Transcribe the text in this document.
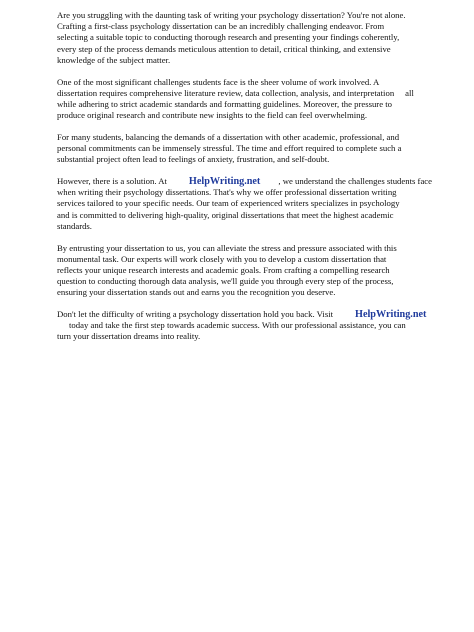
Are you struggling with the daunting task of writing your psychology dissertation? You're not alone.
Crafting a first-class psychology dissertation can be an incredibly challenging endeavor. From
selecting a suitable topic to conducting thorough research and presenting your findings coherently,
every step of the process demands meticulous attention to detail, critical thinking, and extensive
knowledge of the subject matter.

One of the most significant challenges students face is the sheer volume of work involved. A
dissertation requires comprehensive literature review, data collection, analysis, and interpretation all
while adhering to strict academic standards and formatting guidelines. Moreover, the pressure to
produce original research and contribute new insights to the field can feel overwhelming.

For many students, balancing the demands of a dissertation with other academic, professional, and
personal commitments can be immensely stressful. The time and effort required to complete such a
substantial project often lead to feelings of anxiety, frustration, and self-doubt.

However, there is a solution. At HelpWriting.net , we understand the challenges students face
when writing their psychology dissertations. That's why we offer professional dissertation writing
services tailored to your specific needs. Our team of experienced writers specializes in psychology
and is committed to delivering high-quality, original dissertations that meet the highest academic
standards.

By entrusting your dissertation to us, you can alleviate the stress and pressure associated with this
monumental task. Our experts will work closely with you to develop a custom dissertation that
reflects your unique research interests and academic goals. From crafting a compelling research
question to conducting thorough data analysis, we'll guide you through every step of the process,
ensuring your dissertation stands out and earns you the recognition you deserve.

Don't let the difficulty of writing a psychology dissertation hold you back. Visit HelpWriting.net
today and take the first step towards academic success. With our professional assistance, you can
turn your dissertation dreams into reality.
